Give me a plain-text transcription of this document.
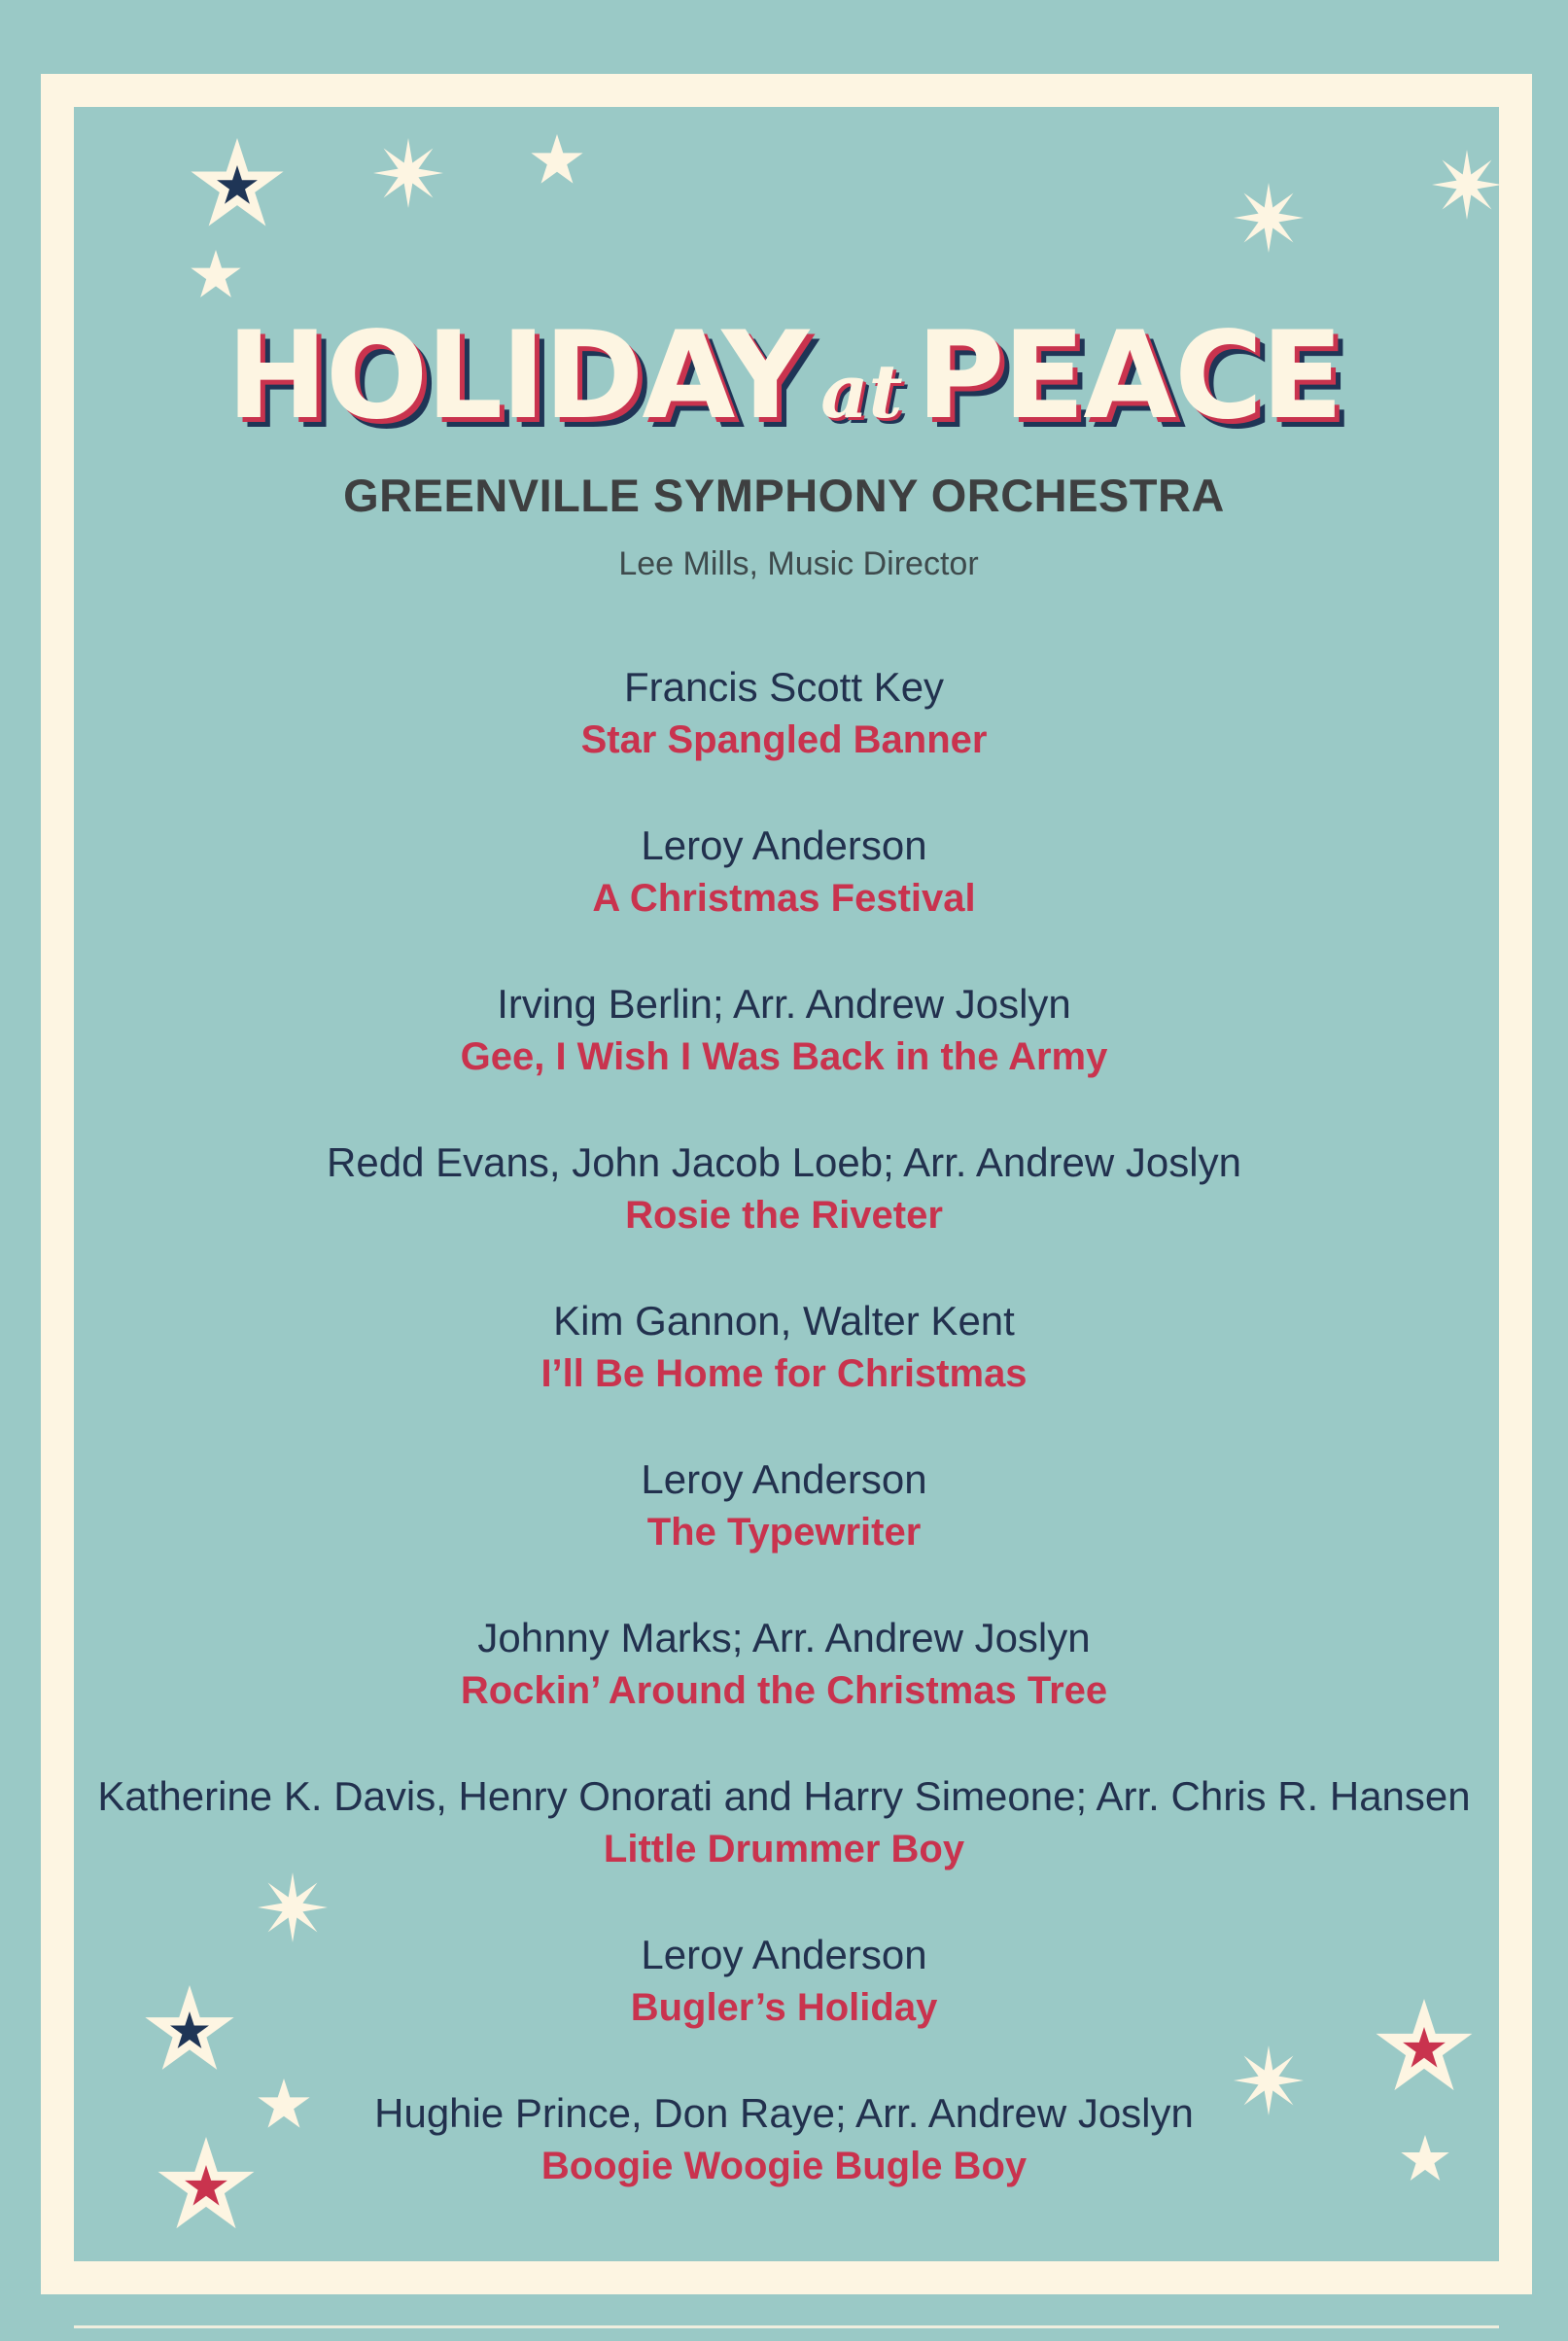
HOLIDAY at PEACE
GREENVILLE SYMPHONY ORCHESTRA
Lee Mills, Music Director
Francis Scott Key
Star Spangled Banner
Leroy Anderson
A Christmas Festival
Irving Berlin; Arr. Andrew Joslyn
Gee, I Wish I Was Back in the Army
Redd Evans, John Jacob Loeb; Arr. Andrew Joslyn
Rosie the Riveter
Kim Gannon, Walter Kent
I’ll Be Home for Christmas
Leroy Anderson
The Typewriter
Johnny Marks; Arr. Andrew Joslyn
Rockin’ Around the Christmas Tree
Katherine K. Davis, Henry Onorati and Harry Simeone; Arr. Chris R. Hansen
Little Drummer Boy
Leroy Anderson
Bugler’s Holiday
Hughie Prince, Don Raye; Arr. Andrew Joslyn
Boogie Woogie Bugle Boy
